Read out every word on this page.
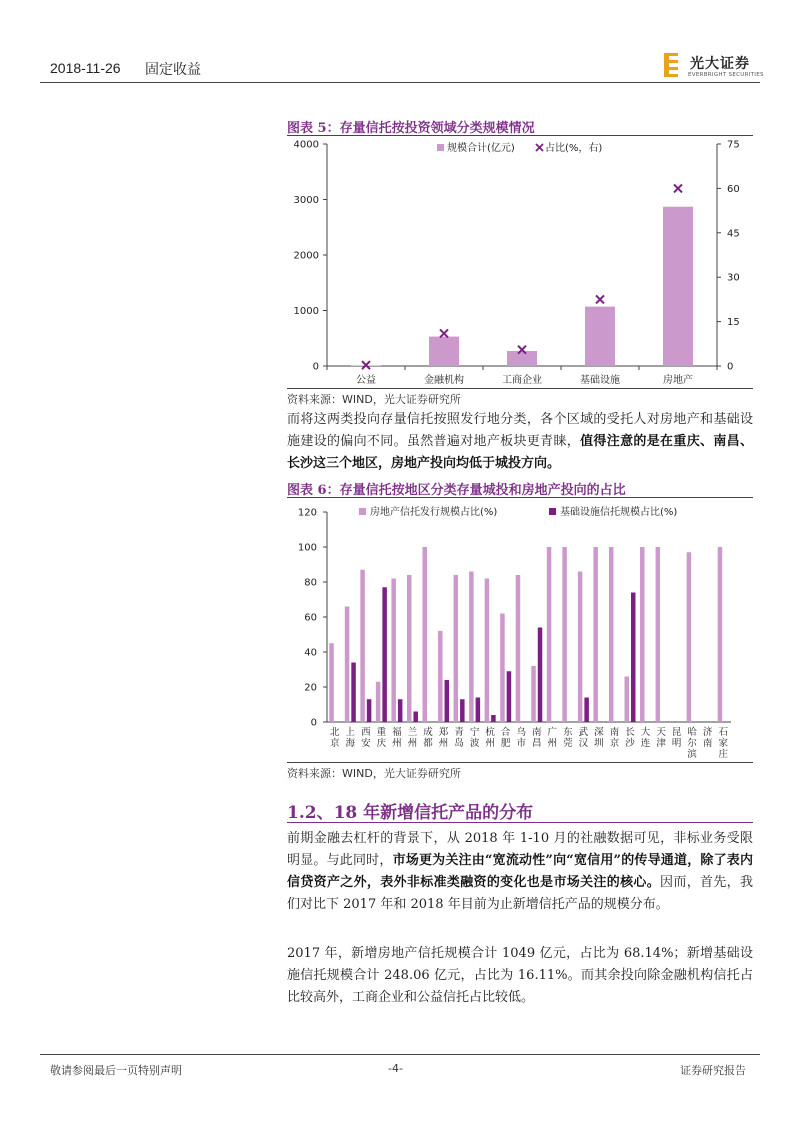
2018-11-26 固定收益	光大证券
EVERBRIGHT SECURITIES
图表 5：存量信托按投资领域分类规模情况
0
1000
2000
3000
4000
0
15
30
45
60
75
公益	金融机构	工商企业	基础设施	房地产
规模合计(亿元)	占比(%，右)
资料来源：WIND，光大证券研究所
而将这两类投向存量信托按照发行地分类，各个区域的受托人对房地产和基础设施建设的偏向不同。虽然普遍对地产板块更青睐，值得注意的是在重庆、南昌、长沙这三个地区，房地产投向均低于城投方向。
图表 6：存量信托按地区分类存量城投和房地产投向的占比
0
20
40
60
80
100
120
北
京
上
海
西
安
重
庆
福
州
兰
州
成
都
郑
州
青
岛
宁
波
杭
州
合
肥
乌
市
南
昌
广
州
东
莞
武
汉
深
圳
南
京
长
沙
大
连
天
津
昆
明
哈
尔
滨
济
南
石
家
庄
房地产信托发行规模占比(%)	基础设施信托规模占比(%)
资料来源：WIND，光大证券研究所
1.2、18 年新增信托产品的分布
前期金融去杠杆的背景下，从 2018 年 1-10 月的社融数据可见，非标业务受限明显。与此同时，市场更为关注由“宽流动性”向“宽信用”的传导通道，除了表内信贷资产之外，表外非标准类融资的变化也是市场关注的核心。因而，首先，我们对比下 2017 年和 2018 年目前为止新增信托产品的规模分布。
2017 年，新增房地产信托规模合计 1049 亿元，占比为 68.14%；新增基础设施信托规模合计 248.06 亿元，占比为 16.11%。而其余投向除金融机构信托占比较高外，工商企业和公益信托占比较低。
敬请参阅最后一页特别声明	-4-	证券研究报告
